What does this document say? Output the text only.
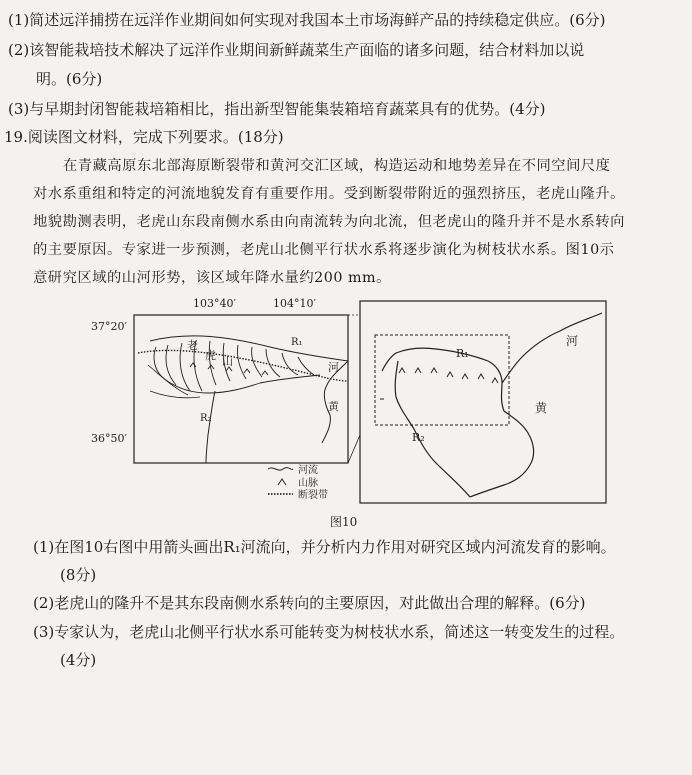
(1)简述远洋捕捞在远洋作业期间如何实现对我国本土市场海鲜产品的持续稳定供应。(6分)
(2)该智能栽培技术解决了远洋作业期间新鲜蔬菜生产面临的诸多问题，结合材料加以说
明。(6分)
(3)与早期封闭智能栽培箱相比，指出新型智能集装箱培育蔬菜具有的优势。(4分)
19.阅读图文材料，完成下列要求。(18分)
在青藏高原东北部海原断裂带和黄河交汇区域，构造运动和地势差异在不同空间尺度
对水系重组和特定的河流地貌发育有重要作用。受到断裂带附近的强烈挤压，老虎山隆升。
地貌勘测表明，老虎山东段南侧水系由向南流转为向北流，但老虎山的隆升并不是水系转向
的主要原因。专家进一步预测，老虎山北侧平行状水系将逐步演化为树枝状水系。图10示
意研究区域的山河形势，该区域年降水量约200 mm。
103°40′	104°10′
37°20′
36°50′
老
虎 山
R₁
R₂
河
黄
河流
山脉
断裂带
R₁
R₂
河
黄
图10
(1)在图10右图中用箭头画出R₁河流向，并分析内力作用对研究区域内河流发育的影响。
(8分)
(2)老虎山的隆升不是其东段南侧水系转向的主要原因，对此做出合理的解释。(6分)
(3)专家认为，老虎山北侧平行状水系可能转变为树枝状水系，简述这一转变发生的过程。
(4分)
